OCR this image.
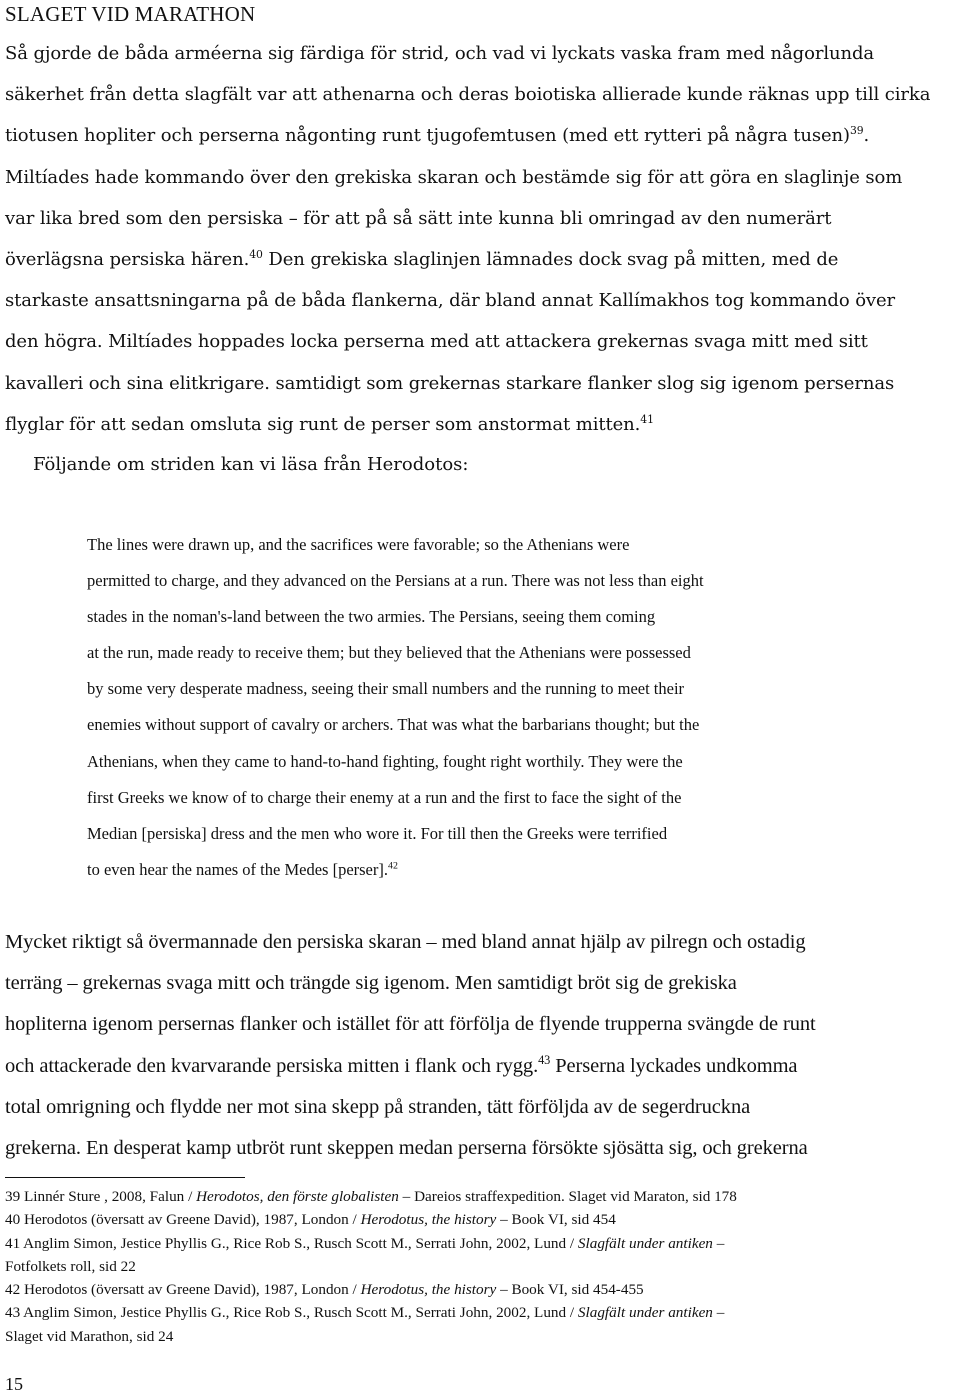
SLAGET VID MARATHON
Så gjorde de båda arméerna sig färdiga för strid, och vad vi lyckats vaska fram med någorlunda
säkerhet från detta slagfält var att athenarna och deras boiotiska allierade kunde räknas upp till cirka
tiotusen hopliter och perserna någonting runt tjugofemtusen (med ett rytteri på några tusen)$^{39}$.
Miltíades hade kommando över den grekiska skaran och bestämde sig för att göra en slaglinje som
var lika bred som den persiska – för att på så sätt inte kunna bli omringad av den numerärt
överlägsna persiska hären.$^{40}$ Den grekiska slaglinjen lämnades dock svag på mitten, med de
starkaste ansattsningarna på de båda flankerna, där bland annat Kallímakhos tog kommando över
den högra. Miltíades hoppades locka perserna med att attackera grekernas svaga mitt med sitt
kavalleri och sina elitkrigare. samtidigt som grekernas starkare flanker slog sig igenom persernas
flyglar för att sedan omsluta sig runt de perser som anstormat mitten.$^{41}$
Följande om striden kan vi läsa från Herodotos:
The lines were drawn up, and the sacrifices were favorable; so the Athenians were
permitted to charge, and they advanced on the Persians at a run. There was not less than eight
stades in the noman's-land between the two armies. The Persians, seeing them coming
at the run, made ready to receive them; but they believed that the Athenians were possessed
by some very desperate madness, seeing their small numbers and the running to meet their
enemies without support of cavalry or archers. That was what the barbarians thought; but the
Athenians, when they came to hand-to-hand fighting, fought right worthily. They were the
first Greeks we know of to charge their enemy at a run and the first to face the sight of the
Median [persiska] dress and the men who wore it. For till then the Greeks were terrified
to even hear the names of the Medes [perser].$^{42}$
Mycket riktigt så övermannade den persiska skaran – med bland annat hjälp av pilregn och ostadig
terräng – grekernas svaga mitt och trängde sig igenom. Men samtidigt bröt sig de grekiska
hopliterna igenom persernas flanker och istället för att förfölja de flyende trupperna svängde de runt
och attackerade den kvarvarande persiska mitten i flank och rygg.$^{43}$ Perserna lyckades undkomma
total omrigning och flydde ner mot sina skepp på stranden, tätt förföljda av de segerdruckna
grekerna. En desperat kamp utbröt runt skeppen medan perserna försökte sjösätta sig, och grekerna
39 Linnér Sture , 2008, Falun / Herodotos, den förste globalisten – Dareios straffexpedition. Slaget vid Maraton, sid 178
40 Herodotos (översatt av Greene David), 1987, London / Herodotus, the history – Book VI, sid 454
41 Anglim Simon, Jestice Phyllis G., Rice Rob S., Rusch Scott M., Serrati John, 2002, Lund / Slagfält under antiken –
Fotfolkets roll, sid 22
42 Herodotos (översatt av Greene David), 1987, London / Herodotus, the history – Book VI, sid 454-455
43 Anglim Simon, Jestice Phyllis G., Rice Rob S., Rusch Scott M., Serrati John, 2002, Lund / Slagfält under antiken –
Slaget vid Marathon, sid 24
15
